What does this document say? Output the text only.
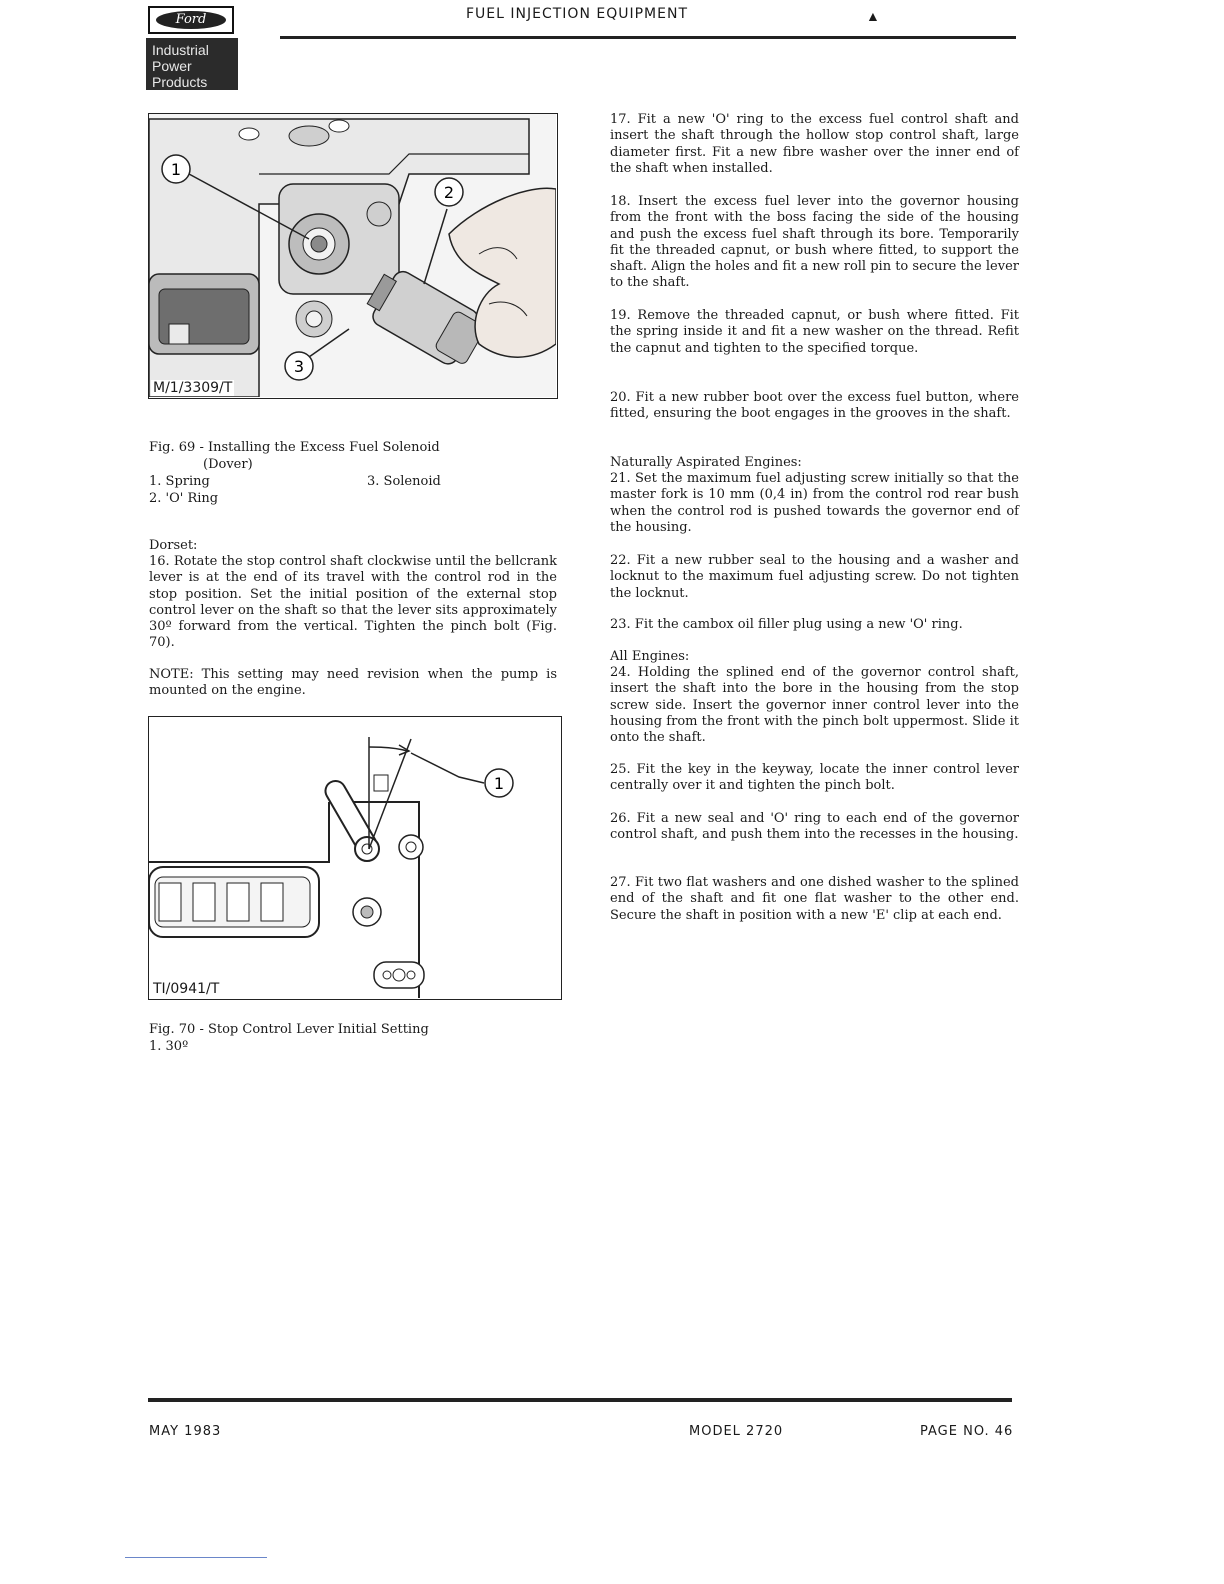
Ford
Industrial
Power
Products
FUEL INJECTION EQUIPMENT	▲
1
2
3
M/1/3309/T
Fig. 69 - Installing the Excess Fuel Solenoid
(Dover)
1. Spring
2. 'O' Ring
3. Solenoid
Dorset:
16. Rotate the stop control shaft clockwise until the bellcrank lever is at the end of its travel with the control rod in the stop position. Set the initial position of the external stop control lever on the shaft so that the lever sits approximately 30º forward from the vertical. Tighten the pinch bolt (Fig. 70).
NOTE: This setting may need revision when the pump is mounted on the engine.
1
TI/0941/T
Fig. 70 - Stop Control Lever Initial Setting
1. 30º
17. Fit a new 'O' ring to the excess fuel control shaft and insert the shaft through the hollow stop control shaft, large diameter first. Fit a new fibre washer over the inner end of the shaft when installed.
18. Insert the excess fuel lever into the governor housing from the front with the boss facing the side of the housing and push the excess fuel shaft through its bore. Temporarily fit the threaded capnut, or bush where fitted, to support the shaft. Align the holes and fit a new roll pin to secure the lever to the shaft.
19. Remove the threaded capnut, or bush where fitted. Fit the spring inside it and fit a new washer on the thread. Refit the capnut and tighten to the specified torque.
20. Fit a new rubber boot over the excess fuel button, where fitted, ensuring the boot engages in the grooves in the shaft.
Naturally Aspirated Engines:
21. Set the maximum fuel adjusting screw initially so that the master fork is 10 mm (0,4 in) from the control rod rear bush when the control rod is pushed towards the governor end of the housing.
22. Fit a new rubber seal to the housing and a washer and locknut to the maximum fuel adjusting screw. Do not tighten the locknut.
23. Fit the cambox oil filler plug using a new 'O' ring.
All Engines:
24. Holding the splined end of the governor control shaft, insert the shaft into the bore in the housing from the stop screw side. Insert the governor inner control lever into the housing from the front with the pinch bolt uppermost. Slide it onto the shaft.
25. Fit the key in the keyway, locate the inner control lever centrally over it and tighten the pinch bolt.
26. Fit a new seal and 'O' ring to each end of the governor control shaft, and push them into the recesses in the housing.
27. Fit two flat washers and one dished washer to the splined end of the shaft and fit one flat washer to the other end. Secure the shaft in position with a new 'E' clip at each end.
MAY 1983	MODEL 2720	PAGE NO. 46
